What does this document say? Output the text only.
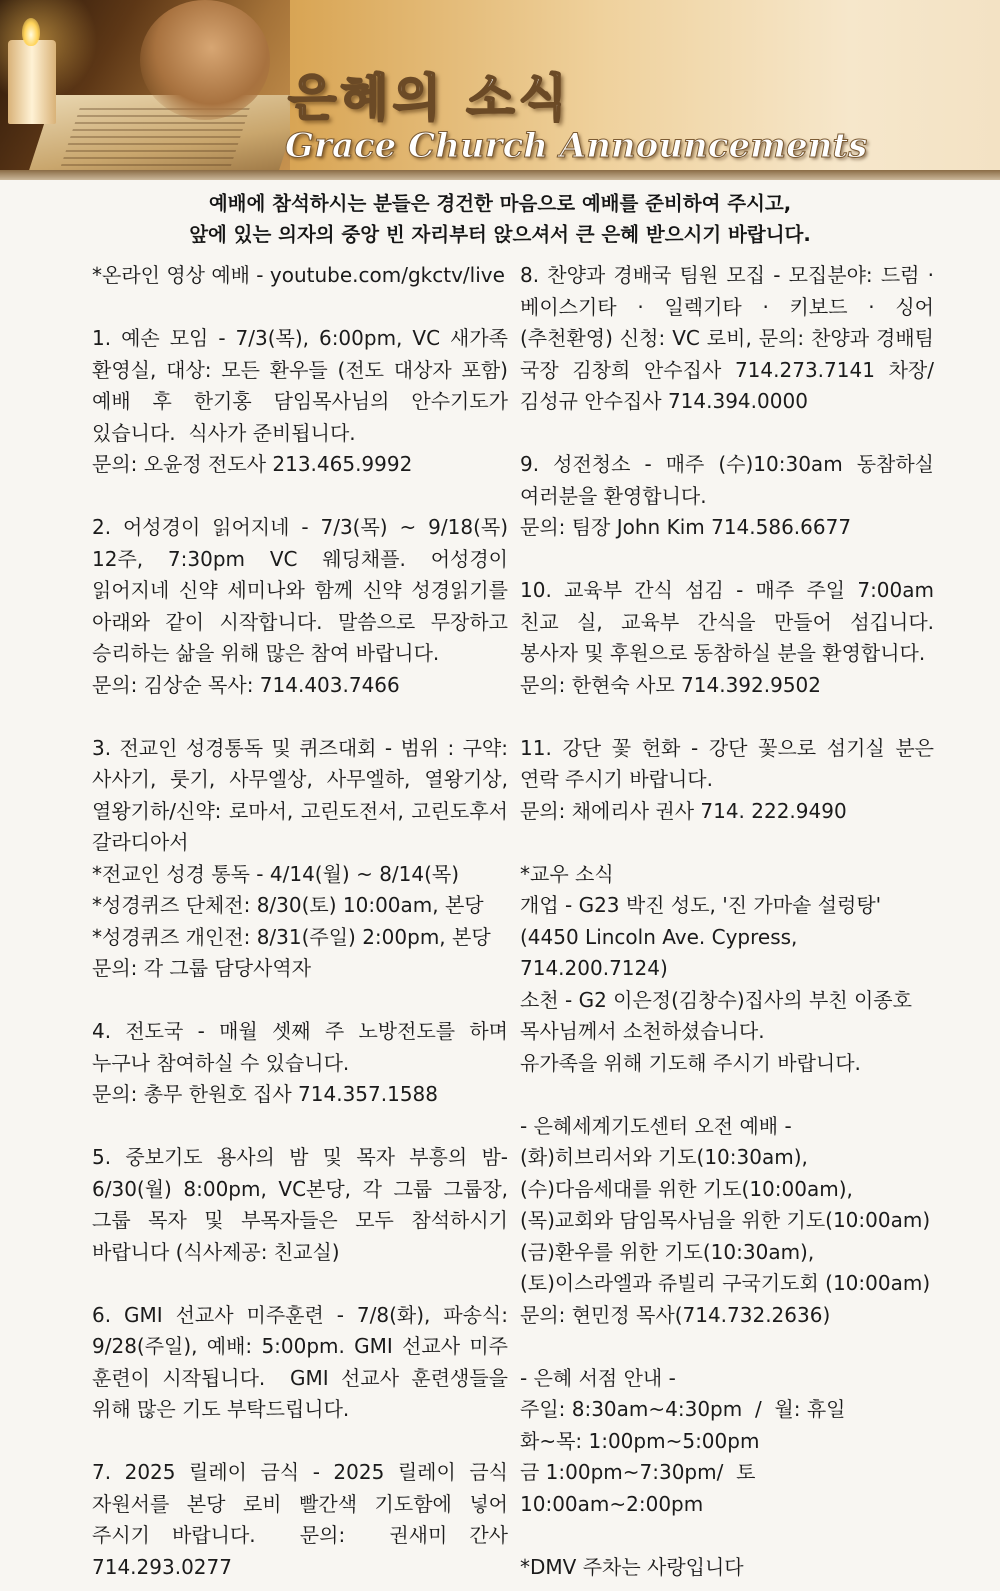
은혜의 소식
Grace Church Announcements

예배에 참석하시는 분들은 경건한 마음으로 예배를 준비하여 주시고,

앞에 있는 의자의 중앙 빈 자리부터 앉으셔서 큰 은혜 받으시기 바랍니다.

*온라인 영상 예배 - youtube.com/gkctv/live

1. 예손 모임 - 7/3(목), 6:00pm, VC 새가족 환영실, 대상: 모든 환우들 (전도 대상자 포함) 예배 후 한기홍 담임목사님의 안수기도가 있습니다.  식사가 준비됩니다.

문의: 오윤정 전도사 213.465.9992

2. 어성경이 읽어지네 - 7/3(목) ~ 9/18(목) 12주, 7:30pm VC 웨딩채플. 어성경이 읽어지네 신약 세미나와 함께 신약 성경읽기를 아래와 같이 시작합니다. 말씀으로 무장하고 승리하는 삶을 위해 많은 참여 바랍니다.

문의: 김상순 목사: 714.403.7466

3. 전교인 성경통독 및 퀴즈대회 - 범위 : 구약: 사사기, 룻기, 사무엘상, 사무엘하, 열왕기상, 열왕기하/신약: 로마서, 고린도전서, 고린도후서 갈라디아서

*전교인 성경 통독 - 4/14(월) ~ 8/14(목)

*성경퀴즈 단체전: 8/30(토) 10:00am, 본당

*성경퀴즈 개인전: 8/31(주일) 2:00pm, 본당

문의: 각 그룹 담당사역자

4. 전도국 - 매월 셋째 주 노방전도를 하며 누구나 참여하실 수 있습니다.

문의: 총무 한원호 집사 714.357.1588

5. 중보기도 용사의 밤 및 목자 부흥의 밤- 6/30(월) 8:00pm, VC본당, 각 그룹 그룹장, 그룹 목자 및 부목자들은 모두 참석하시기 바랍니다 (식사제공: 친교실)

6. GMI 선교사 미주훈련 - 7/8(화), 파송식: 9/28(주일), 예배: 5:00pm. GMI 선교사 미주 훈련이 시작됩니다.  GMI 선교사 훈련생들을 위해 많은 기도 부탁드립니다.

7. 2025 릴레이 금식 - 2025 릴레이 금식 자원서를 본당 로비 빨간색 기도함에 넣어 주시기 바랍니다.  문의:  권새미 간사 714.293.0277

8. 찬양과 경배국 팀원 모집 - 모집분야: 드럼 · 베이스기타 · 일렉기타 · 키보드 · 싱어(추천환영) 신청: VC 로비, 문의: 찬양과 경배팀 국장 김창희 안수집사 714.273.7141 차장/김성규 안수집사 714.394.0000

9. 성전청소 - 매주 (수)10:30am 동참하실 여러분을 환영합니다.

문의: 팀장 John Kim 714.586.6677

10. 교육부 간식 섬김 - 매주 주일 7:00am 친교 실, 교육부 간식을 만들어 섬깁니다. 봉사자 및 후원으로 동참하실 분을 환영합니다.

문의: 한현숙 사모 714.392.9502

11. 강단 꽃 헌화 - 강단 꽃으로 섬기실 분은 연락 주시기 바랍니다.

문의: 채에리사 권사 714. 222.9490

*교우 소식

개업 - G23 박진 성도, '진 가마솥 설렁탕'

(4450 Lincoln Ave. Cypress, 714.200.7124)

소천 - G2 이은정(김창수)집사의 부친 이종호

목사님께서 소천하셨습니다.

유가족을 위해 기도해 주시기 바랍니다.

- 은혜세계기도센터 오전 예배 -

(화)히브리서와 기도(10:30am),

(수)다음세대를 위한 기도(10:00am),

(목)교회와 담임목사님을 위한 기도(10:00am)

(금)환우를 위한 기도(10:30am),

(토)이스라엘과 쥬빌리 구국기도회 (10:00am)

문의: 현민정 목사(714.732.2636)

- 은혜 서점 안내 -

주일: 8:30am~4:30pm  /  월: 휴일

화~목: 1:00pm~5:00pm

금 1:00pm~7:30pm/  토 10:00am~2:00pm

*DMV 주차는 사랑입니다
